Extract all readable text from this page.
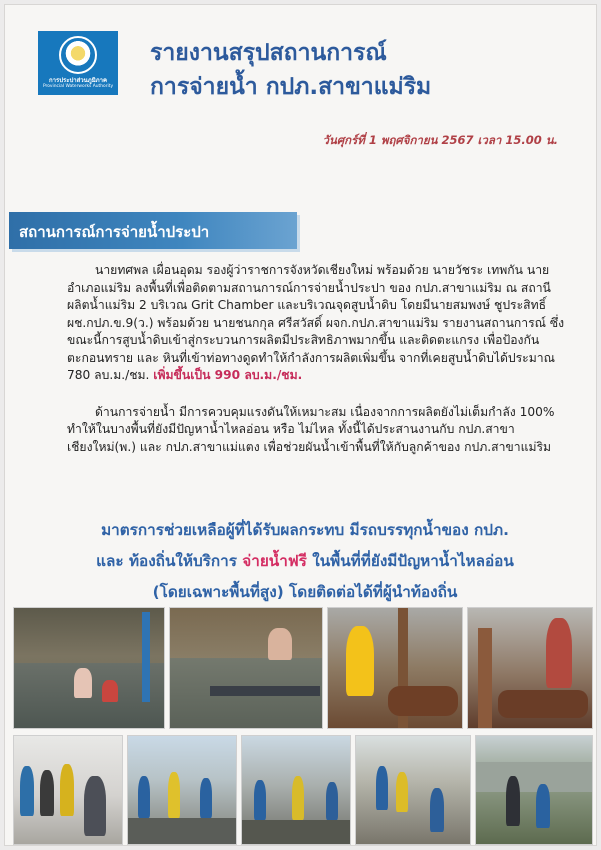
การประปาส่วนภูมิภาค
Provincial Waterworks Authority
รายงานสรุปสถานการณ์
การจ่ายน้ำ กปภ.สาขาแม่ริม
วันศุกร์ที่ 1 พฤศจิกายน 2567 เวลา 15.00 น.
สถานการณ์การจ่ายน้ำประปา

นายทศพล เผื่อนอุดม รองผู้ว่าราชการจังหวัดเชียงใหม่ พร้อมด้วย นายวัชระ เทพกัน นายอำเภอแม่ริม ลงพื้นที่เพื่อติดตามสถานการณ์การจ่ายน้ำประปา ของ กปภ.สาขาแม่ริม ณ สถานีผลิตน้ำแม่ริม 2 บริเวณ Grit Chamber และบริเวณจุดสูบน้ำดิบ โดยมีนายสมพงษ์ ชูประสิทธิ์ ผช.กปภ.ข.9(ว.) พร้อมด้วย นายชนกกุล ศรีสวัสดิ์ ผจก.กปภ.สาขาแม่ริม รายงานสถานการณ์ ซึ่งขณะนี้การสูบน้ำดิบเข้าสู่กระบวนการผลิตมีประสิทธิภาพมากขึ้น และติดตะแกรง เพื่อป้องกันตะกอนทราย และ หินที่เข้าท่อทางดูดทำให้กำลังการผลิตเพิ่มขึ้น จากที่เคยสูบน้ำดิบได้ประมาณ 780 ลบ.ม./ชม. เพิ่มขึ้นเป็น 990 ลบ.ม./ชม.

ด้านการจ่ายน้ำ มีการควบคุมแรงดันให้เหมาะสม เนื่องจากการผลิตยังไม่เต็มกำลัง 100% ทำให้ในบางพื้นที่ยังมีปัญหาน้ำไหลอ่อน หรือ ไม่ไหล ทั้งนี้ได้ประสานงานกับ กปภ.สาขาเชียงใหม่(พ.) และ กปภ.สาขาแม่แตง เพื่อช่วยผันน้ำเข้าพื้นที่ให้กับลูกค้าของ กปภ.สาขาแม่ริม

มาตรการช่วยเหลือผู้ที่ได้รับผลกระทบ มีรถบรรทุกน้ำของ กปภ.
และ ท้องถิ่นให้บริการ จ่ายน้ำฟรี ในพื้นที่ที่ยังมีปัญหาน้ำไหลอ่อน
(โดยเฉพาะพื้นที่สูง) โดยติดต่อได้ที่ผู้นำท้องถิ่น
